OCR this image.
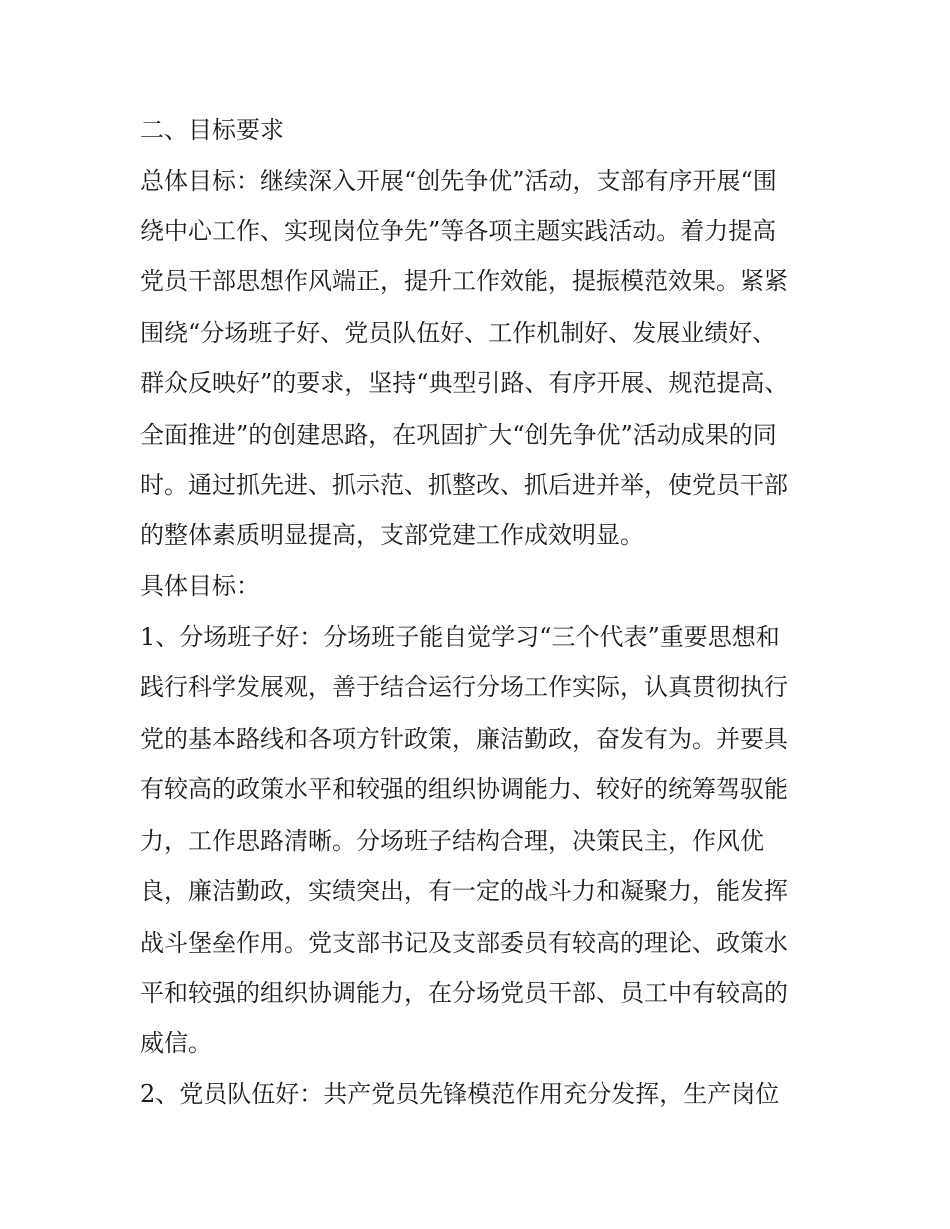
二、目标要求
总体目标：继续深入开展“创先争优”活动，支部有序开展“围
绕中心工作、实现岗位争先”等各项主题实践活动。着力提高
党员干部思想作风端正，提升工作效能，提振模范效果。紧紧
围绕“分场班子好、党员队伍好、工作机制好、发展业绩好、
群众反映好”的要求，坚持“典型引路、有序开展、规范提高、
全面推进”的创建思路，在巩固扩大“创先争优”活动成果的同
时。通过抓先进、抓示范、抓整改、抓后进并举，使党员干部
的整体素质明显提高，支部党建工作成效明显。
具体目标：
1、分场班子好：分场班子能自觉学习“三个代表”重要思想和
践行科学发展观，善于结合运行分场工作实际，认真贯彻执行
党的基本路线和各项方针政策，廉洁勤政，奋发有为。并要具
有较高的政策水平和较强的组织协调能力、较好的统筹驾驭能
力，工作思路清晰。分场班子结构合理，决策民主，作风优
良，廉洁勤政，实绩突出，有一定的战斗力和凝聚力，能发挥
战斗堡垒作用。党支部书记及支部委员有较高的理论、政策水
平和较强的组织协调能力，在分场党员干部、员工中有较高的
威信。
2、党员队伍好：共产党员先锋模范作用充分发挥，生产岗位
